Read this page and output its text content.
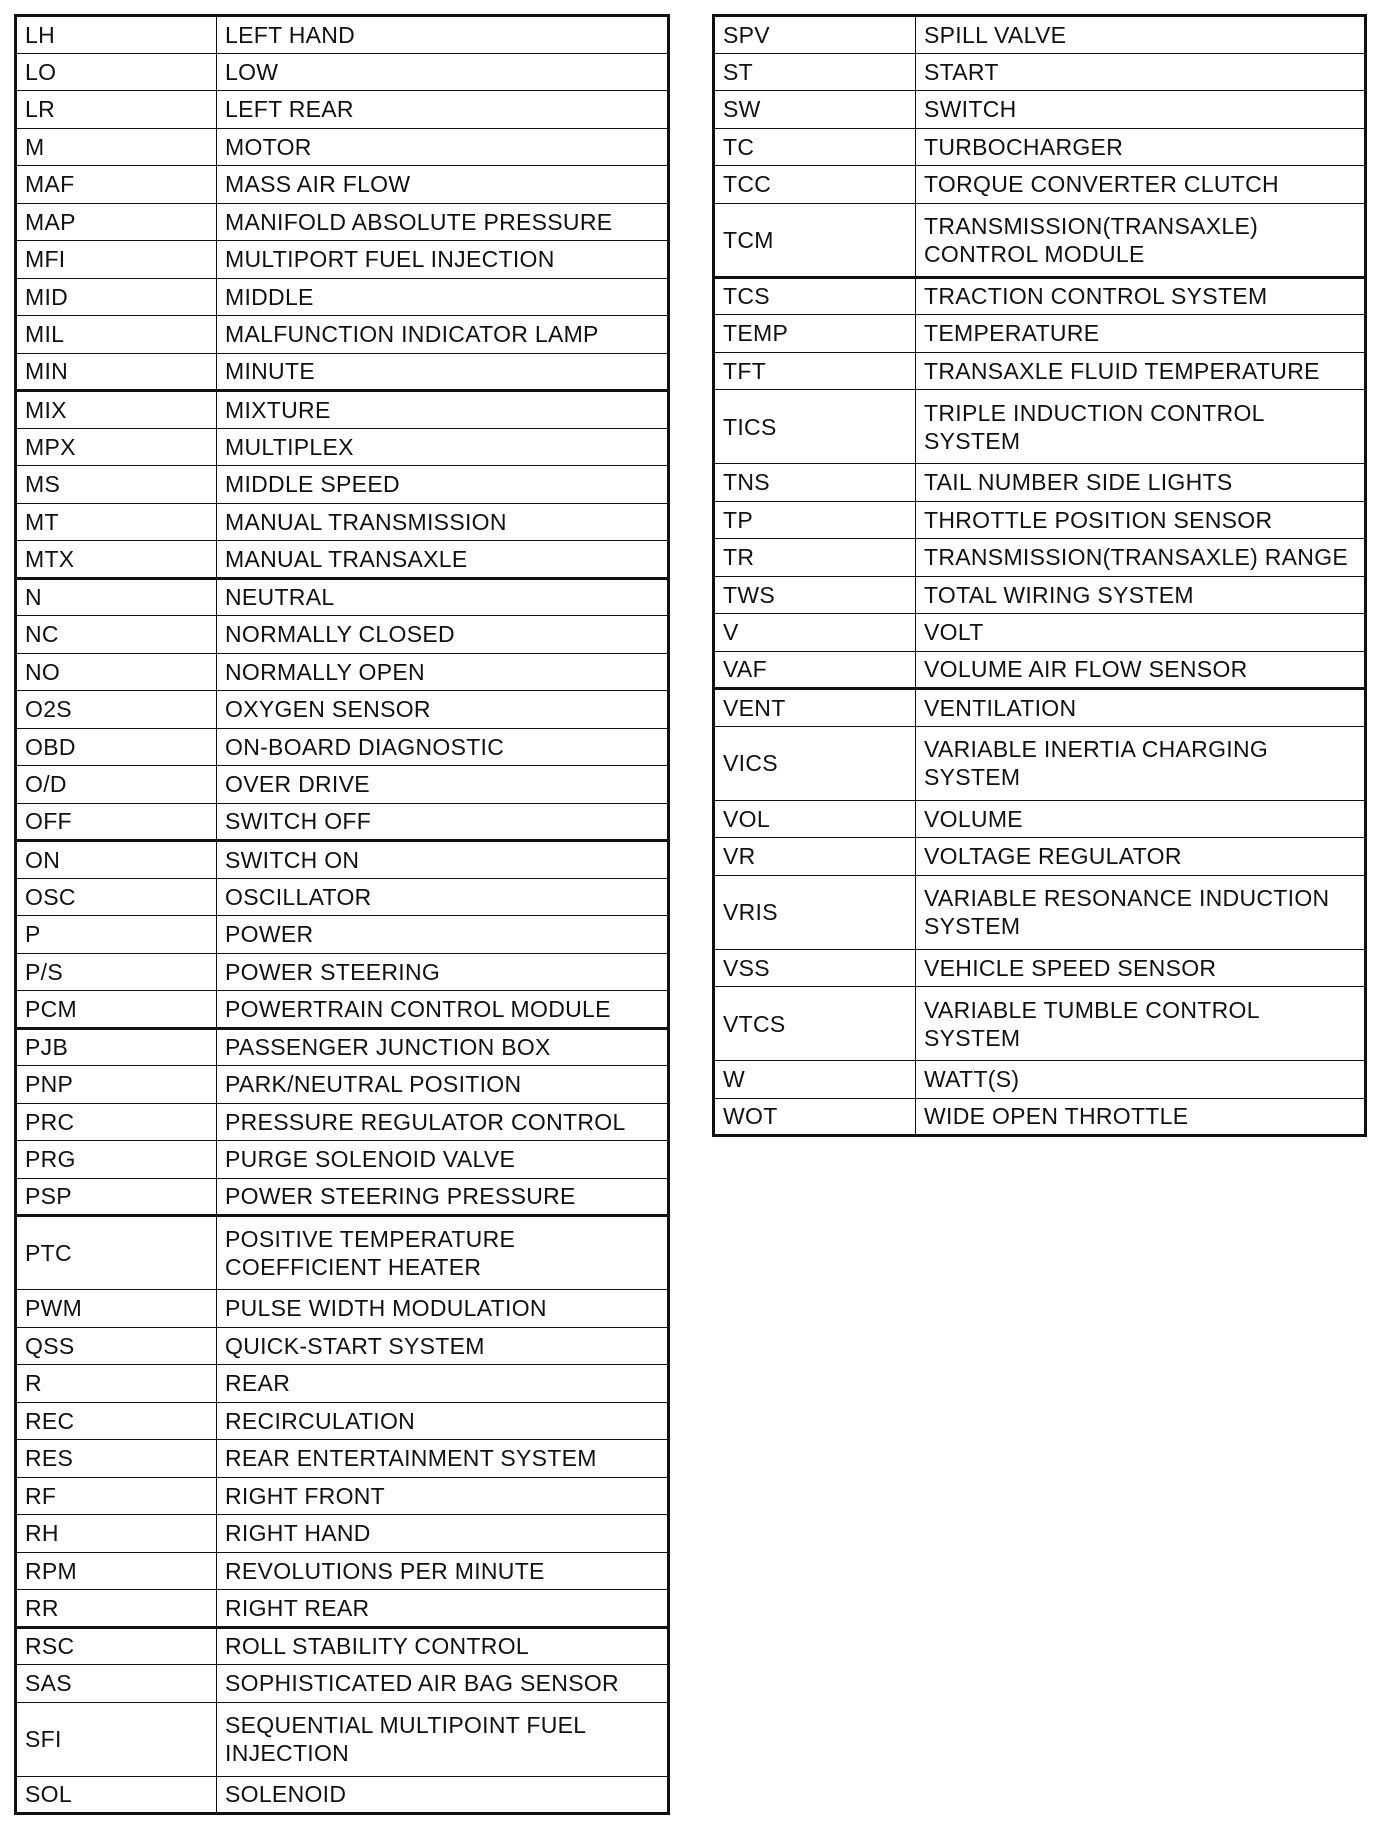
LH	LEFT HAND
LO	LOW
LR	LEFT REAR
M	MOTOR
MAF	MASS AIR FLOW
MAP	MANIFOLD ABSOLUTE PRESSURE
MFI	MULTIPORT FUEL INJECTION
MID	MIDDLE
MIL	MALFUNCTION INDICATOR LAMP
MIN	MINUTE
MIX	MIXTURE
MPX	MULTIPLEX
MS	MIDDLE SPEED
MT	MANUAL TRANSMISSION
MTX	MANUAL TRANSAXLE
N	NEUTRAL
NC	NORMALLY CLOSED
NO	NORMALLY OPEN
O2S	OXYGEN SENSOR
OBD	ON-BOARD DIAGNOSTIC
O/D	OVER DRIVE
OFF	SWITCH OFF
ON	SWITCH ON
OSC	OSCILLATOR
P	POWER
P/S	POWER STEERING
PCM	POWERTRAIN CONTROL MODULE
PJB	PASSENGER JUNCTION BOX
PNP	PARK/NEUTRAL POSITION
PRC	PRESSURE REGULATOR CONTROL
PRG	PURGE SOLENOID VALVE
PSP	POWER STEERING PRESSURE
PTC	POSITIVE TEMPERATURE COEFFICIENT HEATER
PWM	PULSE WIDTH MODULATION
QSS	QUICK-START SYSTEM
R	REAR
REC	RECIRCULATION
RES	REAR ENTERTAINMENT SYSTEM
RF	RIGHT FRONT
RH	RIGHT HAND
RPM	REVOLUTIONS PER MINUTE
RR	RIGHT REAR
RSC	ROLL STABILITY CONTROL
SAS	SOPHISTICATED AIR BAG SENSOR
SFI	SEQUENTIAL MULTIPOINT FUEL INJECTION
SOL	SOLENOID
SPV	SPILL VALVE
ST	START
SW	SWITCH
TC	TURBOCHARGER
TCC	TORQUE CONVERTER CLUTCH
TCM	TRANSMISSION(TRANSAXLE) CONTROL MODULE
TCS	TRACTION CONTROL SYSTEM
TEMP	TEMPERATURE
TFT	TRANSAXLE FLUID TEMPERATURE
TICS	TRIPLE INDUCTION CONTROL SYSTEM
TNS	TAIL NUMBER SIDE LIGHTS
TP	THROTTLE POSITION SENSOR
TR	TRANSMISSION(TRANSAXLE) RANGE
TWS	TOTAL WIRING SYSTEM
V	VOLT
VAF	VOLUME AIR FLOW SENSOR
VENT	VENTILATION
VICS	VARIABLE INERTIA CHARGING SYSTEM
VOL	VOLUME
VR	VOLTAGE REGULATOR
VRIS	VARIABLE RESONANCE INDUCTION SYSTEM
VSS	VEHICLE SPEED SENSOR
VTCS	VARIABLE TUMBLE CONTROL SYSTEM
W	WATT(S)
WOT	WIDE OPEN THROTTLE
